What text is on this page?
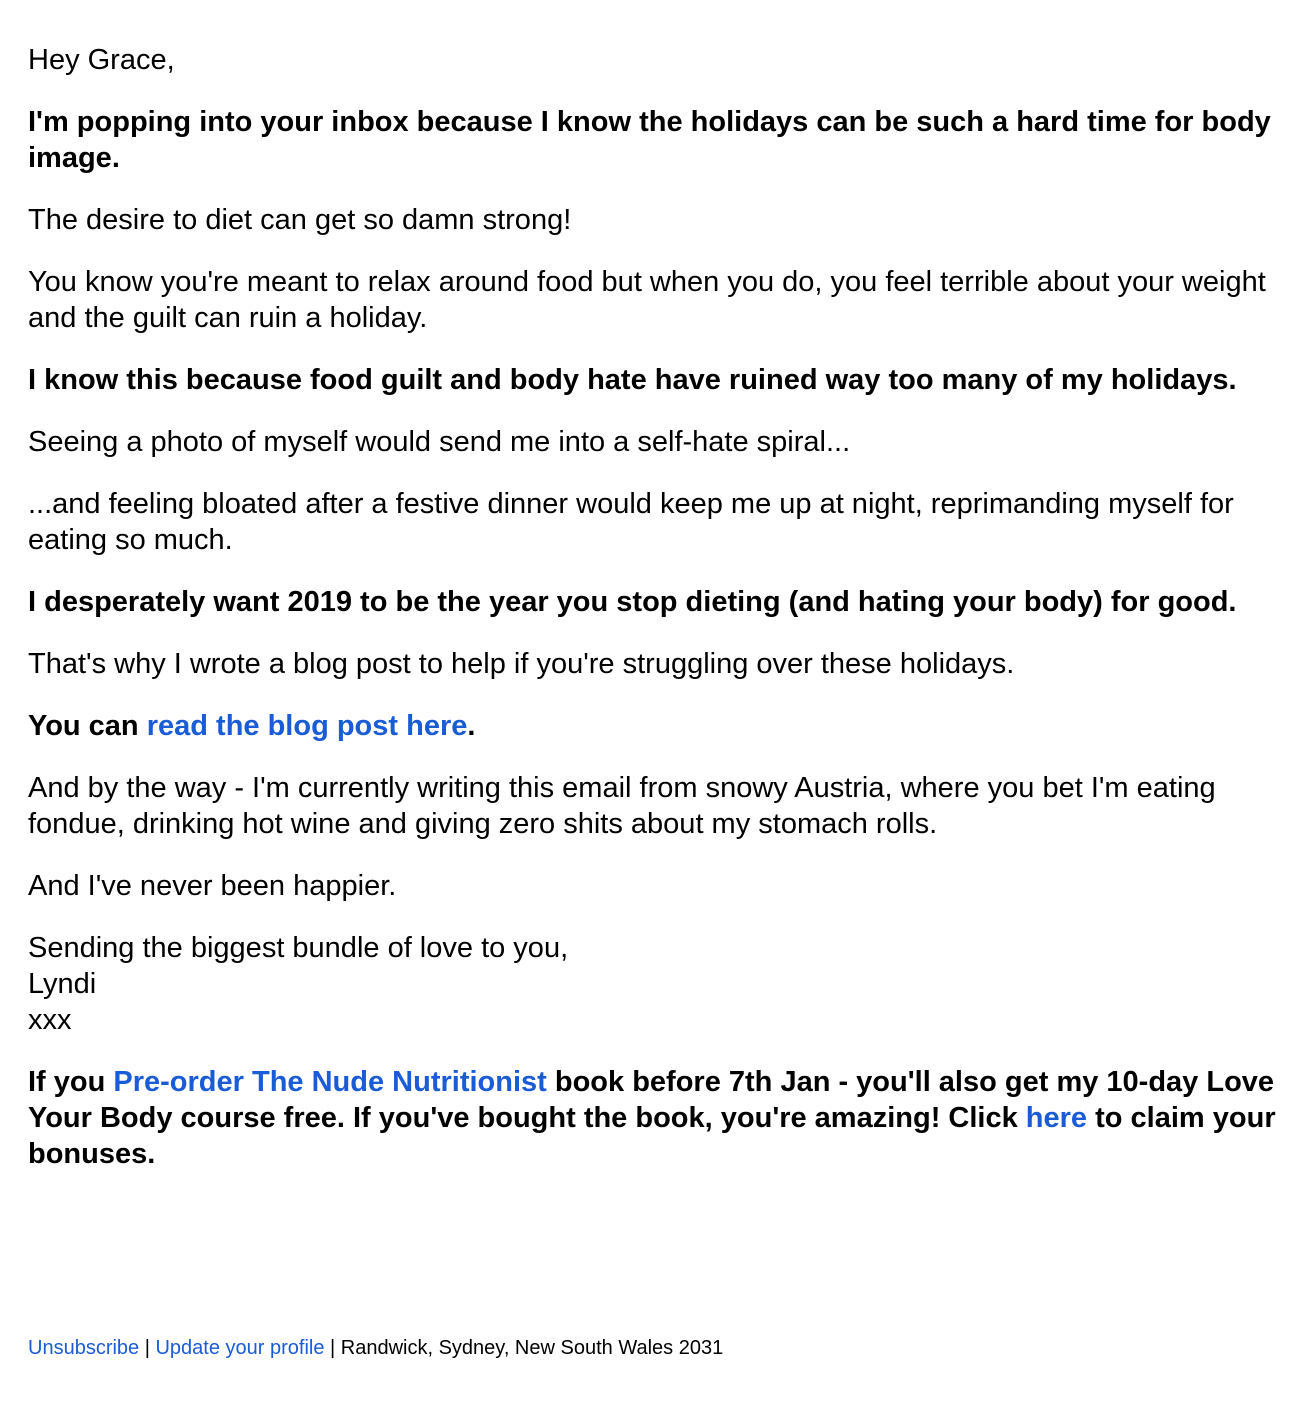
Hey Grace,

I'm popping into your inbox because I know the holidays can be such a hard time for body image.

The desire to diet can get so damn strong!

You know you're meant to relax around food but when you do, you feel terrible about your weight and the guilt can ruin a holiday.

I know this because food guilt and body hate have ruined way too many of my holidays.

Seeing a photo of myself would send me into a self-hate spiral...

...and feeling bloated after a festive dinner would keep me up at night, reprimanding myself for eating so much.

I desperately want 2019 to be the year you stop dieting (and hating your body) for good.

That's why I wrote a blog post to help if you're struggling over these holidays.

You can read the blog post here.

And by the way - I'm currently writing this email from snowy Austria, where you bet I'm eating fondue, drinking hot wine and giving zero shits about my stomach rolls.

And I've never been happier.

Sending the biggest bundle of love to you,
Lyndi
xxx

If you Pre-order The Nude Nutritionist book before 7th Jan - you'll also get my 10-day Love Your Body course free. If you've bought the book, you're amazing! Click here to claim your bonuses.

Unsubscribe | Update your profile | Randwick, Sydney, New South Wales 2031
